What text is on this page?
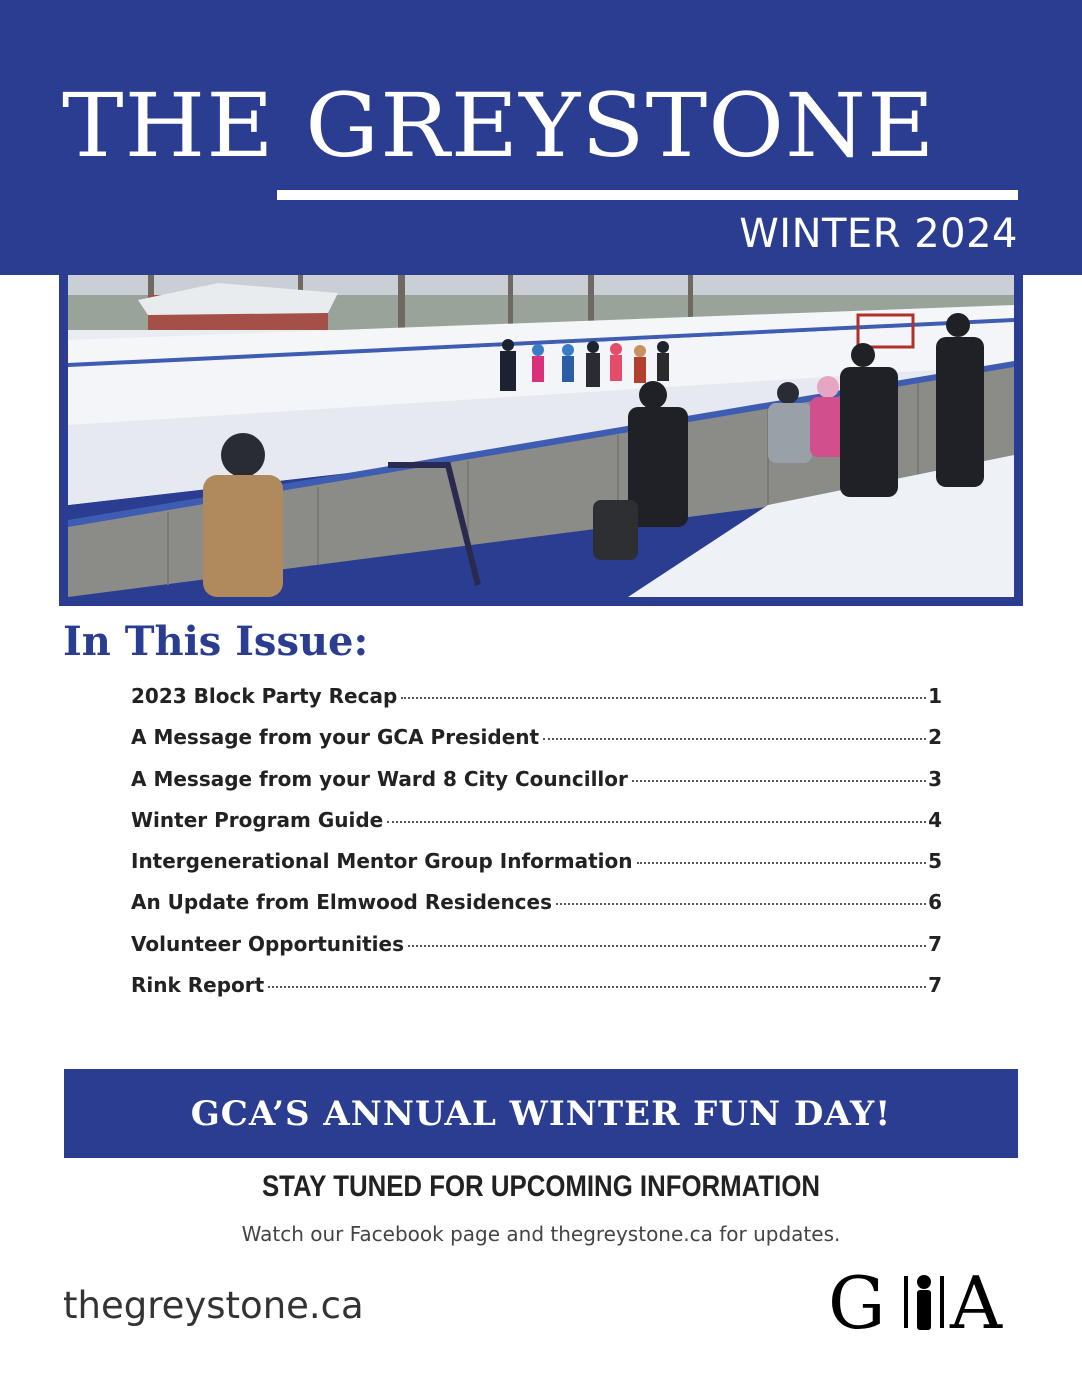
THE GREYSTONE
WINTER 2024
In This Issue:
2023 Block Party Recap	1
A Message from your GCA President	2
A Message from your Ward 8 City Councillor	3
Winter Program Guide	4
Intergenerational Mentor Group Information	5
An Update from Elmwood Residences	6
Volunteer Opportunities	7
Rink Report	7
GCA’S ANNUAL WINTER FUN DAY!
STAY TUNED FOR UPCOMING INFORMATION
Watch our Facebook page and thegreystone.ca for updates.
thegreystone.ca	G A
